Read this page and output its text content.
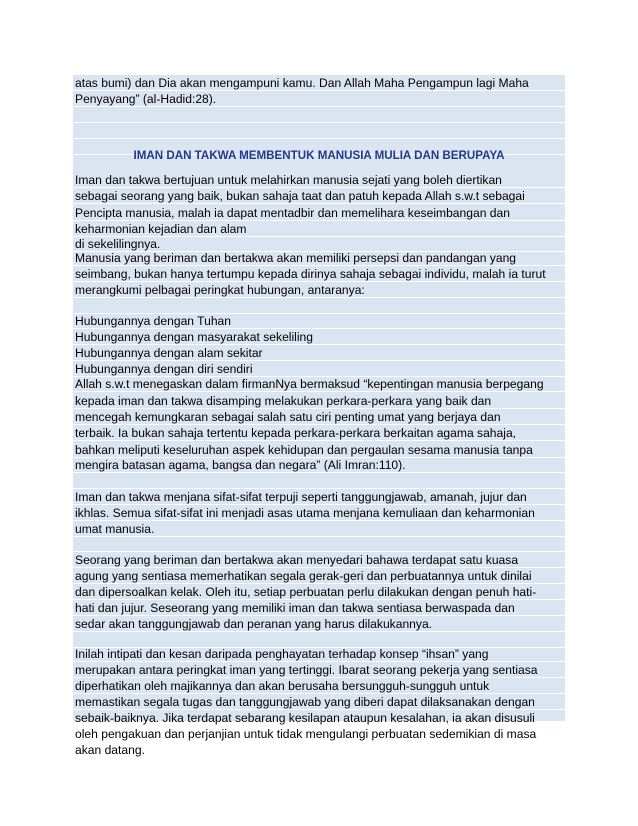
atas bumi) dan Dia akan mengampuni kamu. Dan Allah Maha Pengampun lagi Maha
Penyayang” (al-Hadid:28).
Iman dan takwa bertujuan untuk melahirkan manusia sejati yang boleh diertikan
sebagai seorang yang baik, bukan sahaja taat dan patuh kepada Allah s.w.t sebagai
Pencipta manusia, malah ia dapat mentadbir dan memelihara keseimbangan dan
keharmonian kejadian dan alam
di sekelilingnya.
Manusia yang beriman dan bertakwa akan memiliki persepsi dan pandangan yang
seimbang, bukan hanya tertumpu kepada dirinya sahaja sebagai individu, malah ia turut
merangkumi pelbagai peringkat hubungan, antaranya:
Hubungannya dengan Tuhan
Hubungannya dengan masyarakat sekeliling
Hubungannya dengan alam sekitar
Hubungannya dengan diri sendiri
Allah s.w.t menegaskan dalam firmanNya bermaksud “kepentingan manusia berpegang
kepada iman dan takwa disamping melakukan perkara-perkara yang baik dan
mencegah kemungkaran sebagai salah satu ciri penting umat yang berjaya dan
terbaik. Ia bukan sahaja tertentu kepada perkara-perkara berkaitan agama sahaja,
bahkan meliputi keseluruhan aspek kehidupan dan pergaulan sesama manusia tanpa
mengira batasan agama, bangsa dan negara” (Ali Imran:110).
Iman dan takwa menjana sifat-sifat terpuji seperti tanggungjawab, amanah, jujur dan
ikhlas. Semua sifat-sifat ini menjadi asas utama menjana kemuliaan dan keharmonian
umat manusia.
Seorang yang beriman dan bertakwa akan menyedari bahawa terdapat satu kuasa
agung yang sentiasa memerhatikan segala gerak-geri dan perbuatannya untuk dinilai
dan dipersoalkan kelak. Oleh itu, setiap perbuatan perlu dilakukan dengan penuh hati-
hati dan jujur. Seseorang yang memiliki iman dan takwa sentiasa berwaspada dan
sedar akan tanggungjawab dan peranan yang harus dilakukannya.
Inilah intipati dan kesan daripada penghayatan terhadap konsep “ihsan” yang
merupakan antara peringkat iman yang tertinggi. Ibarat seorang pekerja yang sentiasa
diperhatikan oleh majikannya dan akan berusaha bersungguh-sungguh untuk
memastikan segala tugas dan tanggungjawab yang diberi dapat dilaksanakan dengan
sebaik-baiknya. Jika terdapat sebarang kesilapan ataupun kesalahan, ia akan disusuli
oleh pengakuan dan perjanjian untuk tidak mengulangi perbuatan sedemikian di masa
akan datang.
IMAN DAN TAKWA MEMBENTUK MANUSIA MULIA DAN BERUPAYA
